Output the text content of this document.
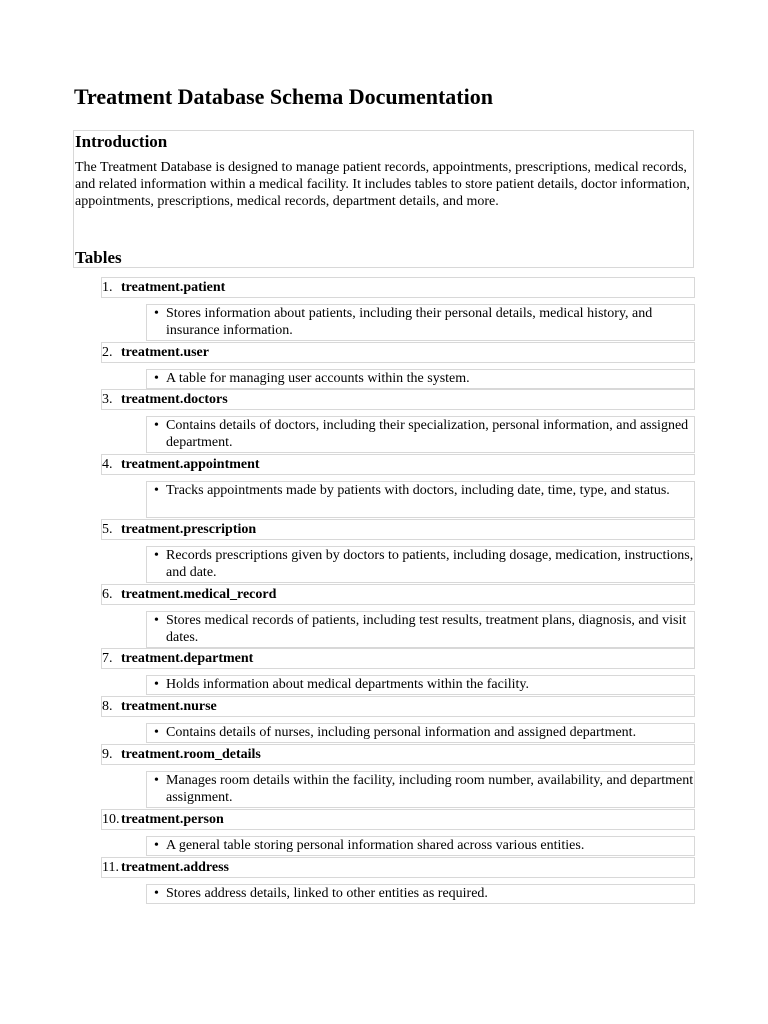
Treatment Database Schema Documentation
Introduction

The Treatment Database is designed to manage patient records, appointments, prescriptions, medical records, and related information within a medical facility. It includes tables to store patient details, doctor information, appointments, prescriptions, medical records, department details, and more.

Tables
1. treatment.patient
• Stores information about patients, including their personal details, medical history, and insurance information.
2. treatment.user
• A table for managing user accounts within the system.
3. treatment.doctors
• Contains details of doctors, including their specialization, personal information, and assigned department.
4. treatment.appointment
• Tracks appointments made by patients with doctors, including date, time, type, and status.
5. treatment.prescription
• Records prescriptions given by doctors to patients, including dosage, medication, instructions, and date.
6. treatment.medical_record
• Stores medical records of patients, including test results, treatment plans, diagnosis, and visit dates.
7. treatment.department
• Holds information about medical departments within the facility.
8. treatment.nurse
• Contains details of nurses, including personal information and assigned department.
9. treatment.room_details
• Manages room details within the facility, including room number, availability, and department assignment.
10. treatment.person
• A general table storing personal information shared across various entities.
11. treatment.address
• Stores address details, linked to other entities as required.
